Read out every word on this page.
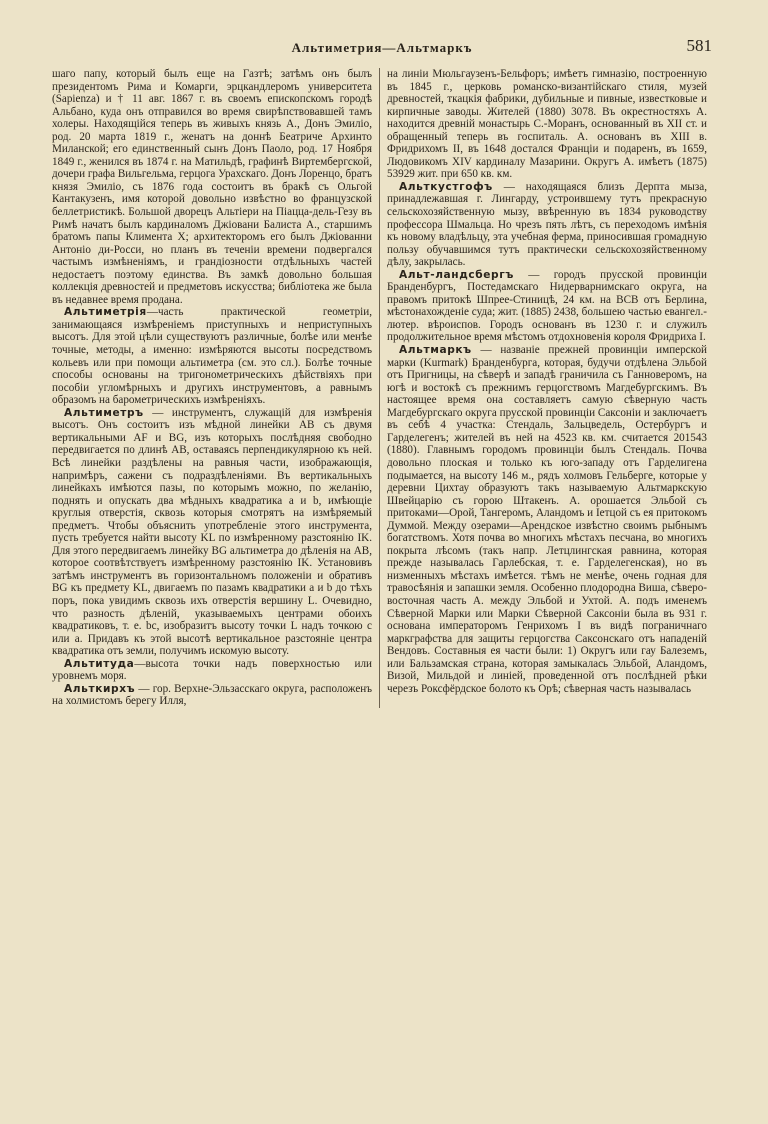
Альтиметрия—Альтмаркъ	581

шаго папу, который былъ еще на Газтѣ; затѣмъ онъ былъ президентомъ Рима и Комарги, эрцкандлеромъ университета (Sapienza) и † 11 авг. 1867 г. въ своемъ епископскомъ городѣ Альбано, куда онъ отправился во время свирѣпствовавшей тамъ холеры. Находящійся теперь въ живыхъ князь А., Донъ Эмиліо, род. 20 марта 1819 г., женатъ на доннѣ Беатриче Архинто Миланской; его единственный сынъ Донъ Паоло, род. 17 Ноября 1849 г., женился въ 1874 г. на Матильдѣ, графинѣ Виртембергской, дочери графа Вильгельма, герцога Урахскаго. Донъ Лоренцо, братъ князя Эмиліо, съ 1876 года состоитъ въ бракѣ съ Ольгой Кантакузенъ, имя которой довольно извѣстно во французской беллетристикѣ. Большой дворецъ Альтіери на Піацца-дель-Гезу въ Римѣ начатъ былъ кардиналомъ Джіовани Балиста А., старшимъ братомъ папы Климента X; архитекторомъ его былъ Джіованни Антоніо ди-Росси, но планъ въ теченіи времени подвергался частымъ измѣненіямъ, и грандіозности отдѣльныхъ частей недостаетъ поэтому единства. Въ замкѣ довольно большая коллекція древностей и предметовъ искусства; библіотека же была въ недавнее время продана.

Альтиметрія—часть практической геометріи, занимающаяся измѣреніемъ приступныхъ и неприступныхъ высотъ. Для этой цѣли существуютъ различные, болѣе или менѣе точные, методы, а именно: измѣряются высоты посредствомъ кольевъ или при помощи альтиметра (см. это сл.). Болѣе точные способы основаны на тригонометрическихъ дѣйствіяхъ при пособіи угломѣрныхъ и другихъ инструментовъ, а равнымъ образомъ на барометрическихъ измѣреніяхъ.

Альтиметръ — инструментъ, служащій для измѣренія высотъ. Онъ состоитъ изъ мѣдной линейки AB съ двумя вертикальными AF и BG, изъ которыхъ послѣдняя свободно передвигается по длинѣ AB, оставаясь перпендикулярною къ ней. Всѣ линейки раздѣлены на равныя части, изображающія, напримѣръ, сажени съ подраздѣленіями. Въ вертикальныхъ линейкахъ имѣются пазы, по которымъ можно, по желанію, поднять и опускать два мѣдныхъ квадратика a и b, имѣющіе круглыя отверстія, сквозь которыя смотрятъ на измѣряемый предметъ. Чтобы объяснить употребленіе этого инструмента, пусть требуется найти высоту KL по измѣренному разстоянію IK. Для этого передвигаемъ линейку BG альтиметра до дѣленія на AB, которое соотвѣтствуетъ измѣренному разстоянію IK. Установивъ затѣмъ инструментъ въ горизонтальномъ положеніи и обративъ BG къ предмету KL, двигаемъ по пазамъ квадратики a и b до тѣхъ поръ, пока увидимъ сквозь ихъ отверстія вершину L. Очевидно, что разность дѣленій, указываемыхъ центрами обоихъ квадратиковъ, т. е. bc, изобразитъ высоту точки L надъ точкою c или a. Придавъ къ этой высотѣ вертикальное разстояніе центра квадратика отъ земли, получимъ искомую высоту.

Альтитуда—высота точки надъ поверхностью или уровнемъ моря.

Альткирхъ — гор. Верхне-Эльзасскаго округа, расположенъ на холмистомъ берегу Илля,

на линіи Мюльгаузенъ-Бельфоръ; имѣетъ гимназію, построенную въ 1845 г., церковь романско-византійскаго стиля, музей древностей, ткацкія фабрики, дубильные и пивные, известковые и кирпичные заводы. Жителей (1880) 3078. Въ окрестностяхъ А. находится древній монастырь С.-Моранъ, основанный въ XII ст. и обращенный теперь въ госпиталь. А. основанъ въ XIII в. Фридрихомъ II, въ 1648 достался Франціи и подаренъ, въ 1659, Людовикомъ XIV кардиналу Мазарини. Округъ А. имѣетъ (1875) 53929 жит. при 650 кв. км.

Альткустгофъ — находящаяся близъ Дерпта мыза, принадлежавшая г. Лингарду, устроившему тутъ прекрасную сельскохозяйственную мызу, ввѣренную въ 1834 руководству профессора Шмальца. Но чрезъ пять лѣтъ, съ переходомъ имѣнія къ новому владѣльцу, эта учебная ферма, приносившая громадную пользу обучавшимся тутъ практически сельскохозяйственному дѣлу, закрылась.

Альт-ландсбергъ — городъ прусской провинціи Бранденбургъ, Постедамскаго Нидерварнимскаго округа, на правомъ притокѣ Шпрее-Стиницѣ, 24 км. на ВСВ отъ Берлина, мѣстонахожденіе суда; жит. (1885) 2438, большею частью евангел.-лютер. вѣроиспов. Городъ основанъ въ 1230 г. и служилъ продолжительное время мѣстомъ отдохновенія короля Фридриха I.

Альтмаркъ — названіе прежней провинціи имперской марки (Kurmark) Бранденбурга, которая, будучи отдѣлена Эльбой отъ Пригницы, на сѣверѣ и западѣ граничила съ Ганноверомъ, на югѣ и востокѣ съ прежнимъ герцогствомъ Магдебургскимъ. Въ настоящее время она составляетъ самую сѣверную часть Магдебургскаго округа прусской провинціи Саксоніи и заключаетъ въ себѣ 4 участка: Стендаль, Зальцведель, Остербургъ и Гарделегенъ; жителей въ ней на 4523 кв. км. считается 201543 (1880). Главнымъ городомъ провинціи былъ Стендаль. Почва довольно плоская и только къ юго-западу отъ Гарделигена подымается, на высоту 146 м., рядъ холмовъ Гельберге, которые у деревни Цихтау образуютъ такъ называемую Альтмаркскую Швейцарію съ горою Штакенъ. А. орошается Эльбой съ притоками—Орой, Тангеромъ, Аландомъ и Іетцой съ ея притокомъ Думмой. Между озерами—Арендское извѣстно своимъ рыбнымъ богатствомъ. Хотя почва во многихъ мѣстахъ песчана, во многихъ покрыта лѣсомъ (такъ напр. Летцлингская равнина, которая прежде называлась Гарлебская, т. е. Гарделегенская), но въ низменныхъ мѣстахъ имѣется. тѣмъ не менѣе, очень годная для травосѣянія и запашки земля. Особенно плодородна Виша, сѣверо-восточная часть А. между Эльбой и Ухтой. А. подъ именемъ Сѣверной Марки или Марки Сѣверной Саксоніи была въ 931 г. основана императоромъ Генрихомъ I въ видѣ пограничнаго маркграфства для защиты герцогства Саксонскаго отъ нападеній Вендовъ. Составныя ея части были: 1) Округъ или гау Балеземъ, или Бальзамская страна, которая замыкалась Эльбой, Аландомъ, Визой, Мильдой и линіей, проведенной отъ послѣдней рѣки черезъ Роксфёрдское болото къ Орѣ; сѣверная часть называлась
